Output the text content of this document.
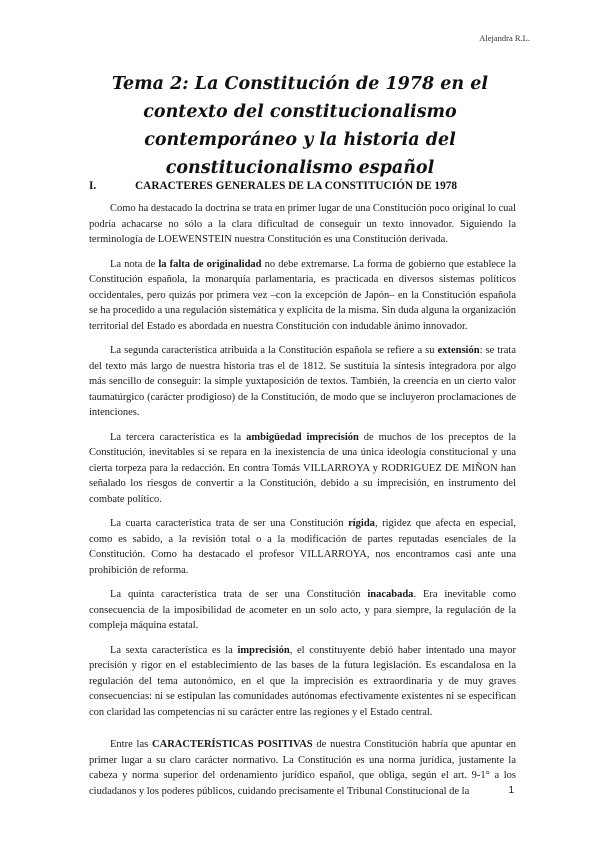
Alejandra R.L.
Tema 2: La Constitución de 1978 en el contexto del constitucionalismo contemporáneo y la historia del constitucionalismo español
I.	CARACTERES GENERALES DE LA CONSTITUCIÓN DE 1978

Como ha destacado la doctrina se trata en primer lugar de una Constitución poco original lo cual podría achacarse no sólo a la clara dificultad de conseguir un texto innovador. Siguiendo la terminología de LOEWENSTEIN nuestra Constitución es una Constitución derivada.

La nota de la falta de originalidad no debe extremarse. La forma de gobierno que establece la Constitución española, la monarquía parlamentaria, es practicada en diversos sistemas políticos occidentales, pero quizás por primera vez –con la excepción de Japón– en la Constitución española se ha procedido a una regulación sistemática y explícita de la misma. Sin duda alguna la organización territorial del Estado es abordada en nuestra Constitución con indudable ánimo innovador.

La segunda característica atribuida a la Constitución española se refiere a su extensión: se trata del texto más largo de nuestra historia tras el de 1812. Se sustituía la síntesis integradora por algo más sencillo de conseguir: la simple yuxtaposición de textos. También, la creencia en un cierto valor taumatúrgico (carácter prodigioso) de la Constitución, de modo que se incluyeron proclamaciones de intenciones.

La tercera característica es la ambigüedad imprecisión de muchos de los preceptos de la Constitución, inevitables si se repara en la inexistencia de una única ideología constitucional y una cierta torpeza para la redacción. En contra Tomás VILLARROYA y RODRIGUEZ DE MIÑON han señalado los riesgos de convertir a la Constitución, debido a su imprecisión, en instrumento del combate político.

La cuarta característica trata de ser una Constitución rígida, rigidez que afecta en especial, como es sabido, a la revisión total o a la modificación de partes reputadas esenciales de la Constitución. Como ha destacado el profesor VILLARROYA, nos encontramos casi ante una prohibición de reforma.

La quinta característica trata de ser una Constitución inacabada. Era inevitable como consecuencia de la imposibilidad de acometer en un solo acto, y para siempre, la regulación de la compleja máquina estatal.

La sexta característica es la imprecisión, el constituyente debió haber intentado una mayor precisión y rigor en el establecimiento de las bases de la futura legislación. Es escandalosa en la regulación del tema autonómico, en el que la imprecisión es extraordinaria y de muy graves consecuencias: ni se estipulan las comunidades autónomas efectivamente existentes ni se especifican con claridad las competencias ni su carácter entre las regiones y el Estado central.

Entre las CARACTERÍSTICAS POSITIVAS de nuestra Constitución habría que apuntar en primer lugar a su claro carácter normativo. La Constitución es una norma jurídica, justamente la cabeza y norma superior del ordenamiento jurídico español, que obliga, según el art. 9-1° a los ciudadanos y los poderes públicos, cuidando precisamente el Tribunal Constitucional de la	1
